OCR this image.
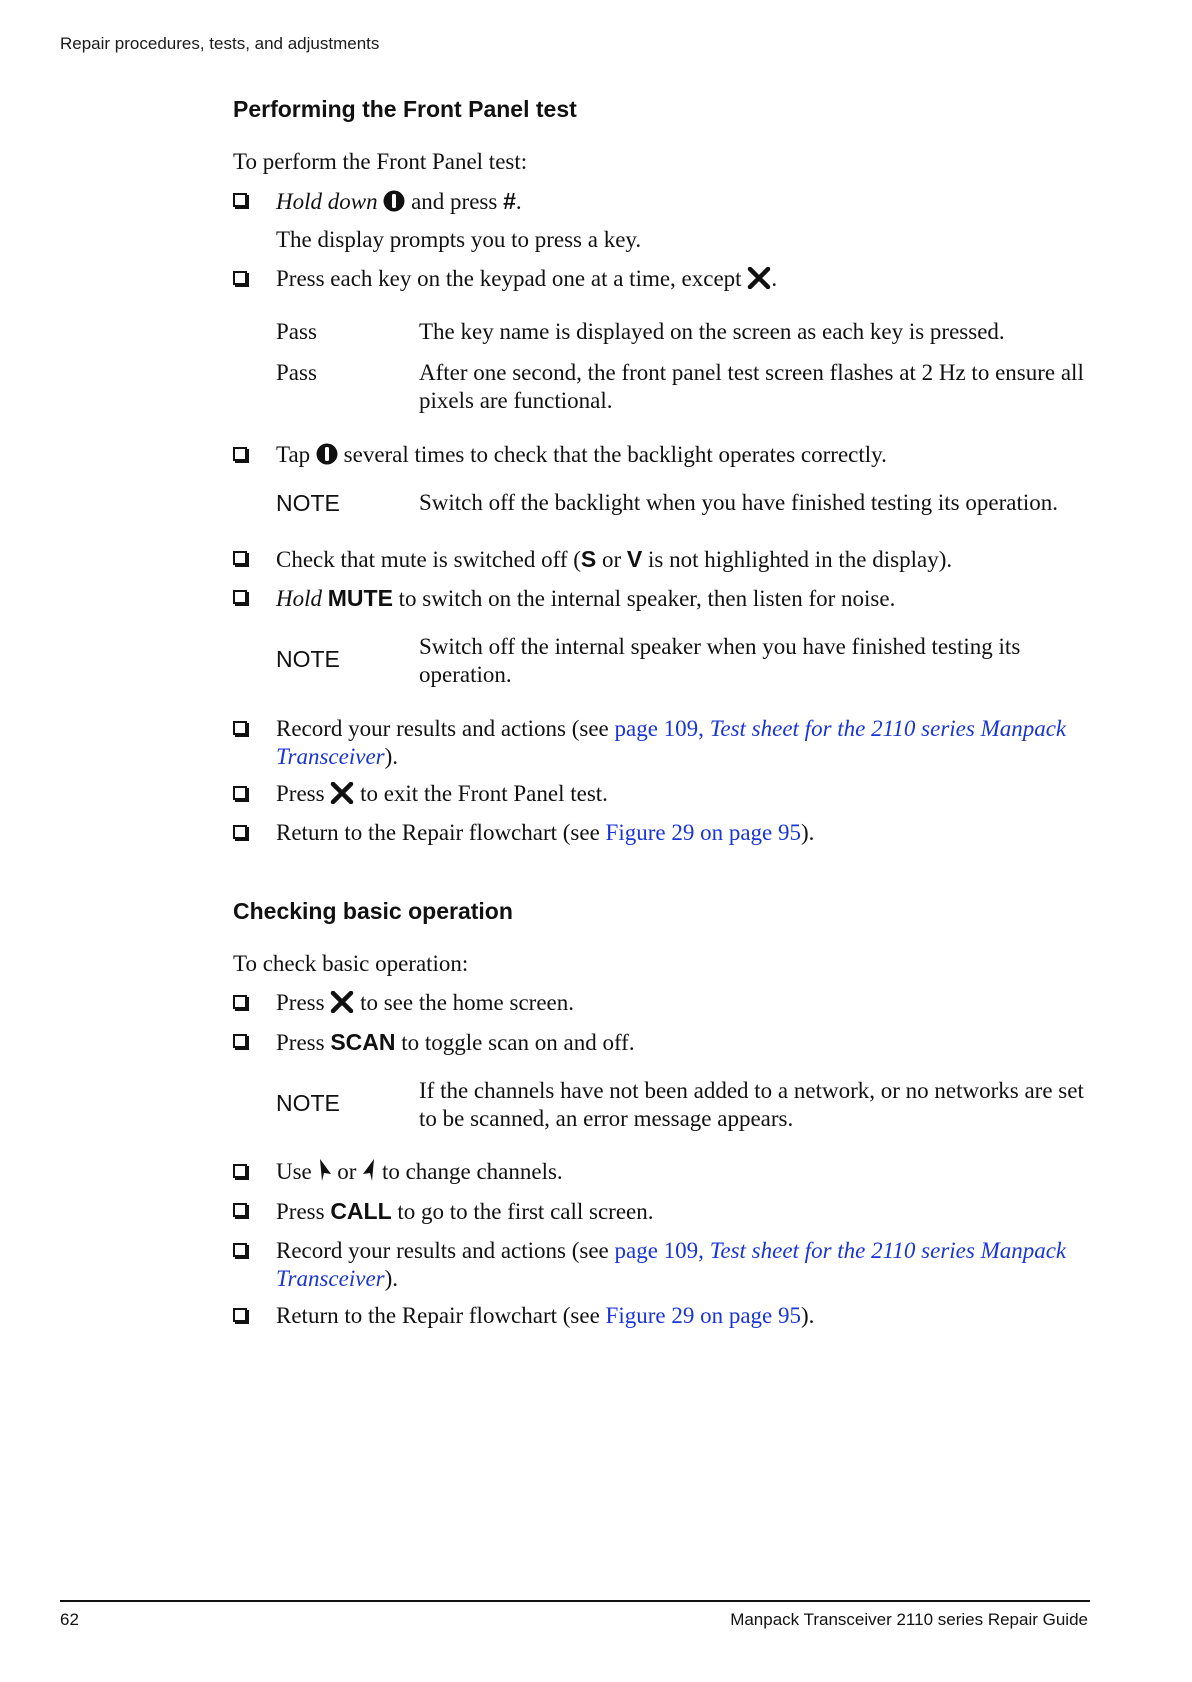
Repair procedures, tests, and adjustments
Performing the Front Panel test
To perform the Front Panel test:
Hold down and press #.
The display prompts you to press a key.
Press each key on the keypad one at a time, except .
Pass	The key name is displayed on the screen as each key is pressed.
Pass	After one second, the front panel test screen flashes at 2 Hz to ensure all pixels are functional.
Tap several times to check that the backlight operates correctly.
NOTE	Switch off the backlight when you have finished testing its operation.
Check that mute is switched off (S or V is not highlighted in the display).
Hold MUTE to switch on the internal speaker, then listen for noise.
NOTE	Switch off the internal speaker when you have finished testing its operation.
Record your results and actions (see page 109, Test sheet for the 2110 series Manpack Transceiver).
Press to exit the Front Panel test.
Return to the Repair flowchart (see Figure 29 on page 95).
Checking basic operation
To check basic operation:
Press to see the home screen.
Press SCAN to toggle scan on and off.
NOTE	If the channels have not been added to a network, or no networks are set to be scanned, an error message appears.
Use or to change channels.
Press CALL to go to the first call screen.
Record your results and actions (see page 109, Test sheet for the 2110 series Manpack Transceiver).
Return to the Repair flowchart (see Figure 29 on page 95).
62	Manpack Transceiver 2110 series Repair Guide
